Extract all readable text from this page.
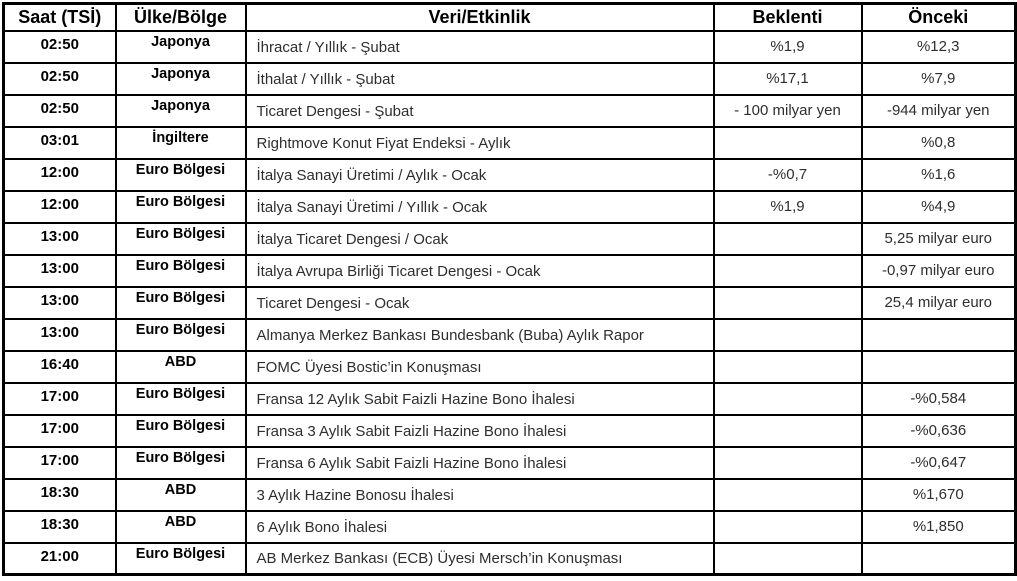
Saat (TSİ)	Ülke/Bölge	Veri/Etkinlik	Beklenti	Önceki
02:50	Japonya	İhracat / Yıllık - Şubat	%1,9	%12,3
02:50	Japonya	İthalat / Yıllık - Şubat	%17,1	%7,9
02:50	Japonya	Ticaret Dengesi - Şubat	- 100 milyar yen	-944 milyar yen
03:01	İngiltere	Rightmove Konut Fiyat Endeksi - Aylık		%0,8
12:00	Euro Bölgesi	İtalya Sanayi Üretimi / Aylık - Ocak	-%0,7	%1,6
12:00	Euro Bölgesi	İtalya Sanayi Üretimi / Yıllık - Ocak	%1,9	%4,9
13:00	Euro Bölgesi	İtalya Ticaret Dengesi / Ocak		5,25 milyar euro
13:00	Euro Bölgesi	İtalya Avrupa Birliği Ticaret Dengesi - Ocak		-0,97 milyar euro
13:00	Euro Bölgesi	Ticaret Dengesi - Ocak		25,4 milyar euro
13:00	Euro Bölgesi	Almanya Merkez Bankası Bundesbank (Buba) Aylık Rapor		
16:40	ABD	FOMC Üyesi Bostic’in Konuşması		
17:00	Euro Bölgesi	Fransa 12 Aylık Sabit Faizli Hazine Bono İhalesi		-%0,584
17:00	Euro Bölgesi	Fransa 3 Aylık Sabit Faizli Hazine Bono İhalesi		-%0,636
17:00	Euro Bölgesi	Fransa 6 Aylık Sabit Faizli Hazine Bono İhalesi		-%0,647
18:30	ABD	3 Aylık Hazine Bonosu İhalesi		%1,670
18:30	ABD	6 Aylık Bono İhalesi		%1,850
21:00	Euro Bölgesi	AB Merkez Bankası (ECB) Üyesi Mersch’in Konuşması		
